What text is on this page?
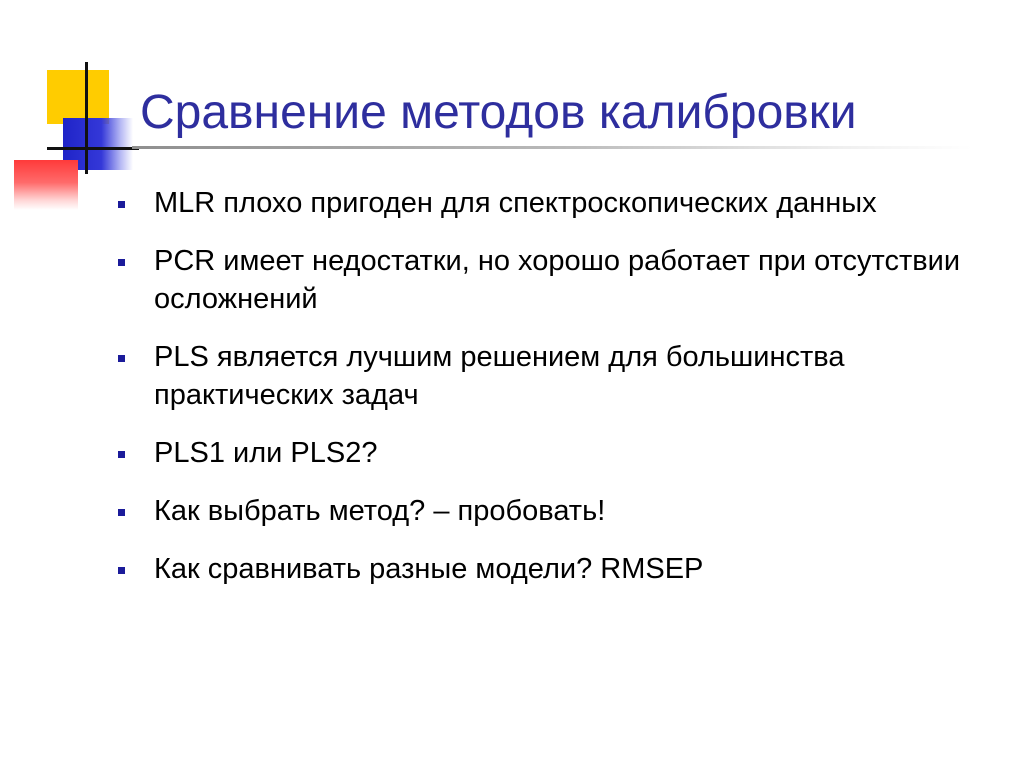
Сравнение методов калибровки
MLR плохо пригоден для спектроскопических данных
PCR имеет недостатки, но хорошо работает при отсутствии осложнений
PLS является лучшим решением для большинства практических задач
PLS1 или PLS2?
Как выбрать метод? – пробовать!
Как сравнивать разные модели? RMSEP
